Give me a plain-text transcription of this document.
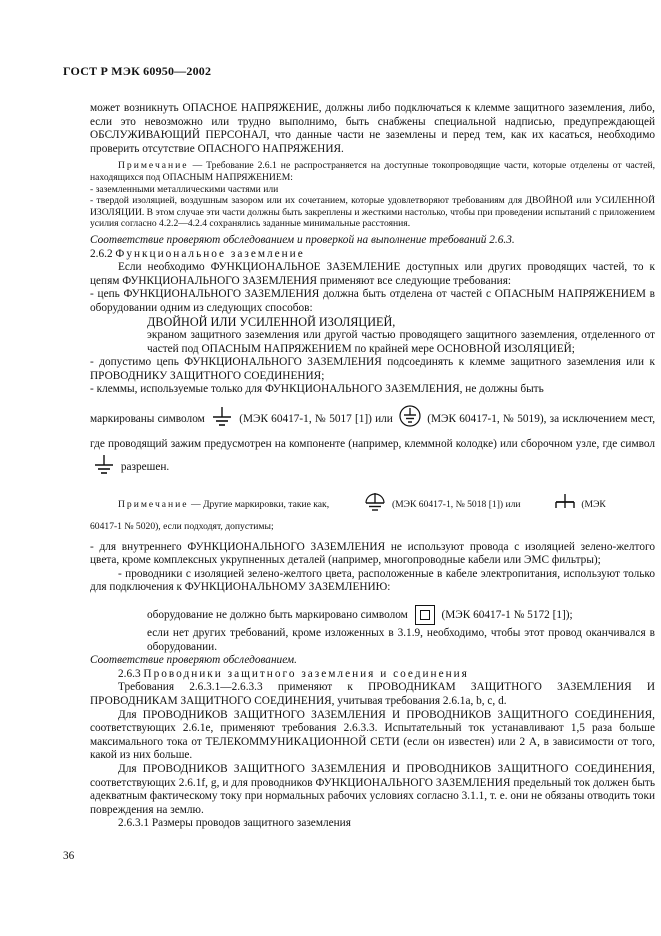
ГОСТ Р МЭК 60950—2002

может возникнуть ОПАСНОЕ НАПРЯЖЕНИЕ, должны либо подключаться к клемме защитного заземления, либо, если это невозможно или трудно выполнимо, быть снабжены специальной надписью, предупреждающей ОБСЛУЖИВАЮЩИЙ ПЕРСОНАЛ, что данные части не заземлены и перед тем, как их касаться, необходимо проверить отсутствие ОПАСНОГО НАПРЯЖЕНИЯ.

Примечание — Требование 2.6.1 не распространяется на доступные токопроводящие части, которые отделены от частей, находящихся под ОПАСНЫМ НАПРЯЖЕНИЕМ:

- заземленными металлическими частями или

- твердой изоляцией, воздушным зазором или их сочетанием, которые удовлетворяют требованиям для ДВОЙНОЙ или УСИЛЕННОЙ ИЗОЛЯЦИИ. В этом случае эти части должны быть закреплены и жесткими настолько, чтобы при проведении испытаний с приложением усилия согласно 4.2.2—4.2.4 сохранялись заданные минимальные расстояния.

Соответствие проверяют обследованием и проверкой на выполнение требований 2.6.3.

2.6.2 Функциональное заземление

Если необходимо ФУНКЦИОНАЛЬНОЕ ЗАЗЕМЛЕНИЕ доступных или других проводящих частей, то к цепям ФУНКЦИОНАЛЬНОГО ЗАЗЕМЛЕНИЯ применяют все следующие требования:

- цепь ФУНКЦИОНАЛЬНОГО ЗАЗЕМЛЕНИЯ должна быть отделена от частей с ОПАСНЫМ НАПРЯЖЕНИЕМ в оборудовании одним из следующих способов:

ДВОЙНОЙ ИЛИ УСИЛЕННОЙ ИЗОЛЯЦИЕЙ,

экраном защитного заземления или другой частью проводящего защитного заземления, отделенного от частей под ОПАСНЫМ НАПРЯЖЕНИЕМ по крайней мере ОСНОВНОЙ ИЗОЛЯЦИЕЙ;

- допустимо цепь ФУНКЦИОНАЛЬНОГО ЗАЗЕМЛЕНИЯ подсоединять к клемме защитного заземления или к ПРОВОДНИКУ ЗАЩИТНОГО СОЕДИНЕНИЯ;

- клеммы, используемые только для ФУНКЦИОНАЛЬНОГО ЗАЗЕМЛЕНИЯ, не должны быть

маркированы символом	(МЭК 60417-1, № 5017 [1]) или	(МЭК 60417-1, № 5019), за исключением мест, где проводящий зажим предусмотрен на компоненте (например, клеммной колодке) или сборочном узле, где символ  разрешен.

Примечание — Другие маркировки, такие как,	(МЭК 60417-1, № 5018 [1]) или	(МЭК

60417-1 № 5020), если подходят, допустимы;

- для внутреннего ФУНКЦИОНАЛЬНОГО ЗАЗЕМЛЕНИЯ не используют провода с изоляцией зелено-желтого цвета, кроме комплексных укрупненных деталей (например, многопроводные кабели или ЭМС фильтры);

- проводники с изоляцией зелено-желтого цвета, расположенные в кабеле электропитания, используют только для подключения к ФУНКЦИОНАЛЬНОМУ ЗАЗЕМЛЕНИЮ:

оборудование не должно быть маркировано символом	(МЭК 60417-1 № 5172 [1]);

если нет других требований, кроме изложенных в 3.1.9, необходимо, чтобы этот провод оканчивался в оборудовании.

Соответствие проверяют обследованием.

2.6.3 Проводники защитного заземления и соединения

Требования 2.6.3.1—2.6.3.3 применяют к ПРОВОДНИКАМ ЗАЩИТНОГО ЗАЗЕМЛЕНИЯ И ПРОВОДНИКАМ ЗАЩИТНОГО СОЕДИНЕНИЯ, учитывая требования 2.6.1a, b, c, d.

Для ПРОВОДНИКОВ ЗАЩИТНОГО ЗАЗЕМЛЕНИЯ И ПРОВОДНИКОВ ЗАЩИТНОГО СОЕДИНЕНИЯ, соответствующих 2.6.1e, применяют требования 2.6.3.3. Испытательный ток устанавливают 1,5 раза больше максимального тока от ТЕЛЕКОММУНИКАЦИОННОЙ СЕТИ (если он известен) или 2 А, в зависимости от того, какой из них больше.

Для ПРОВОДНИКОВ ЗАЩИТНОГО ЗАЗЕМЛЕНИЯ И ПРОВОДНИКОВ ЗАЩИТНОГО СОЕДИНЕНИЯ, соответствующих 2.6.1f, g, и для проводников ФУНКЦИОНАЛЬНОГО ЗАЗЕМЛЕНИЯ предельный ток должен быть адекватным фактическому току при нормальных рабочих условиях согласно 3.1.1, т. е. они не обязаны отводить токи повреждения на землю.

2.6.3.1 Размеры проводов защитного заземления

36
